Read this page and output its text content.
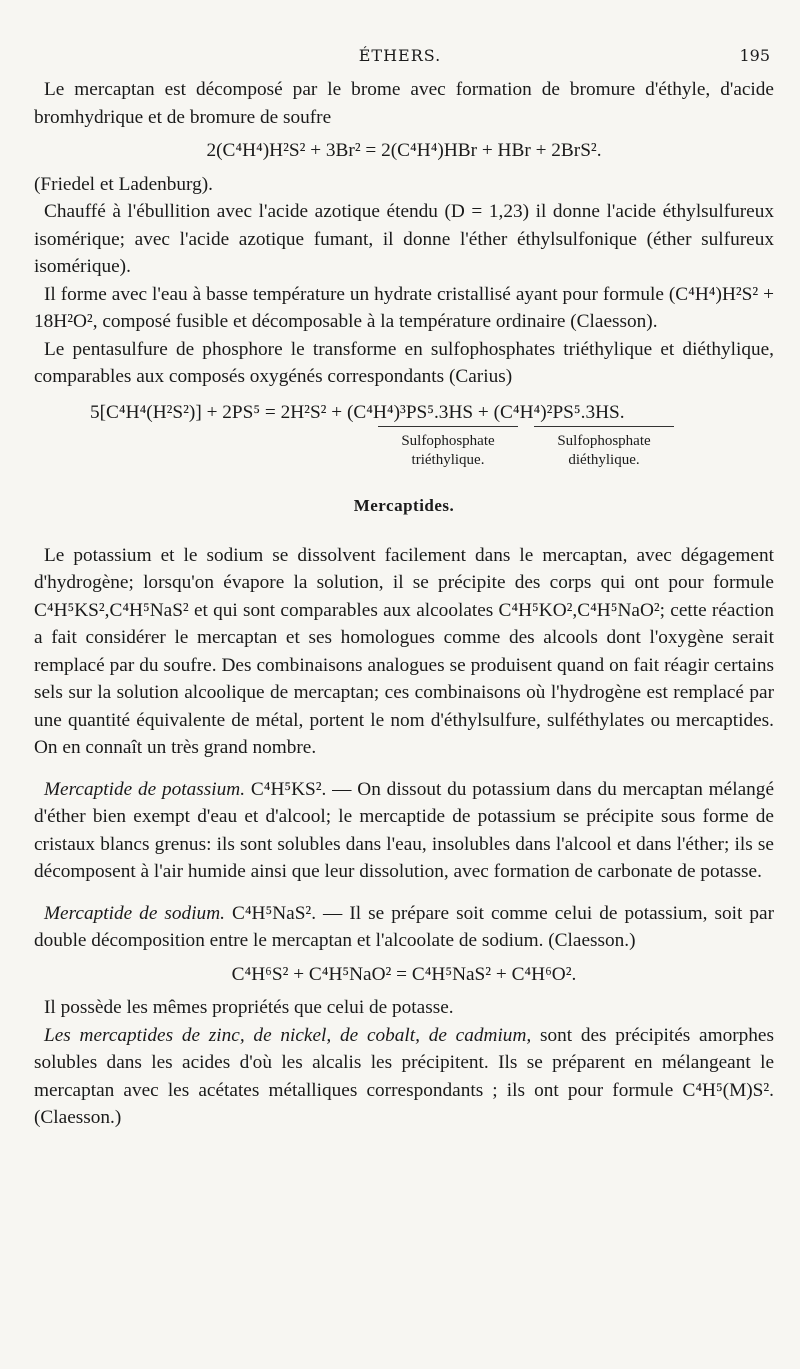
ÉTHERS.	195

Le mercaptan est décomposé par le brome avec formation de bromure d'éthyle, d'acide bromhydrique et de bromure de soufre

2(C⁴H⁴)H²S² + 3Br² = 2(C⁴H⁴)HBr + HBr + 2BrS².

(Friedel et Ladenburg).

Chauffé à l'ébullition avec l'acide azotique étendu (D = 1,23) il donne l'acide éthylsulfureux isomérique; avec l'acide azotique fumant, il donne l'éther éthylsulfonique (éther sulfureux isomérique).

Il forme avec l'eau à basse température un hydrate cristallisé ayant pour formule (C⁴H⁴)H²S² + 18H²O², composé fusible et décomposable à la température ordinaire (Claesson).

Le pentasulfure de phosphore le transforme en sulfophosphates triéthylique et diéthylique, comparables aux composés oxygénés correspondants (Carius)

5[C⁴H⁴(H²S²)] + 2PS⁵ = 2H²S² + (C⁴H⁴)³PS⁵.3HS + (C⁴H⁴)²PS⁵.3HS.
Sulfophosphate
triéthylique.
Sulfophosphate
diéthylique.
Mercaptides.

Le potassium et le sodium se dissolvent facilement dans le mercaptan, avec dégagement d'hydrogène; lorsqu'on évapore la solution, il se précipite des corps qui ont pour formule C⁴H⁵KS²,C⁴H⁵NaS² et qui sont comparables aux alcoolates C⁴H⁵KO²,C⁴H⁵NaO²; cette réaction a fait considérer le mercaptan et ses homologues comme des alcools dont l'oxygène serait remplacé par du soufre. Des combinaisons analogues se produisent quand on fait réagir certains sels sur la solution alcoolique de mercaptan; ces combinaisons où l'hydrogène est remplacé par une quantité équivalente de métal, portent le nom d'éthylsulfure, sulféthylates ou mercaptides. On en connaît un très grand nombre.

Mercaptide de potassium. C⁴H⁵KS². — On dissout du potassium dans du mercaptan mélangé d'éther bien exempt d'eau et d'alcool; le mercaptide de potassium se précipite sous forme de cristaux blancs grenus: ils sont solubles dans l'eau, insolubles dans l'alcool et dans l'éther; ils se décomposent à l'air humide ainsi que leur dissolution, avec formation de carbonate de potasse.

Mercaptide de sodium. C⁴H⁵NaS². — Il se prépare soit comme celui de potassium, soit par double décomposition entre le mercaptan et l'alcoolate de sodium. (Claesson.)

C⁴H⁶S² + C⁴H⁵NaO² = C⁴H⁵NaS² + C⁴H⁶O².

Il possède les mêmes propriétés que celui de potasse.

Les mercaptides de zinc, de nickel, de cobalt, de cadmium, sont des précipités amorphes solubles dans les acides d'où les alcalis les précipitent. Ils se préparent en mélangeant le mercaptan avec les acétates métalliques correspondants ; ils ont pour formule C⁴H⁵(M)S². (Claesson.)
